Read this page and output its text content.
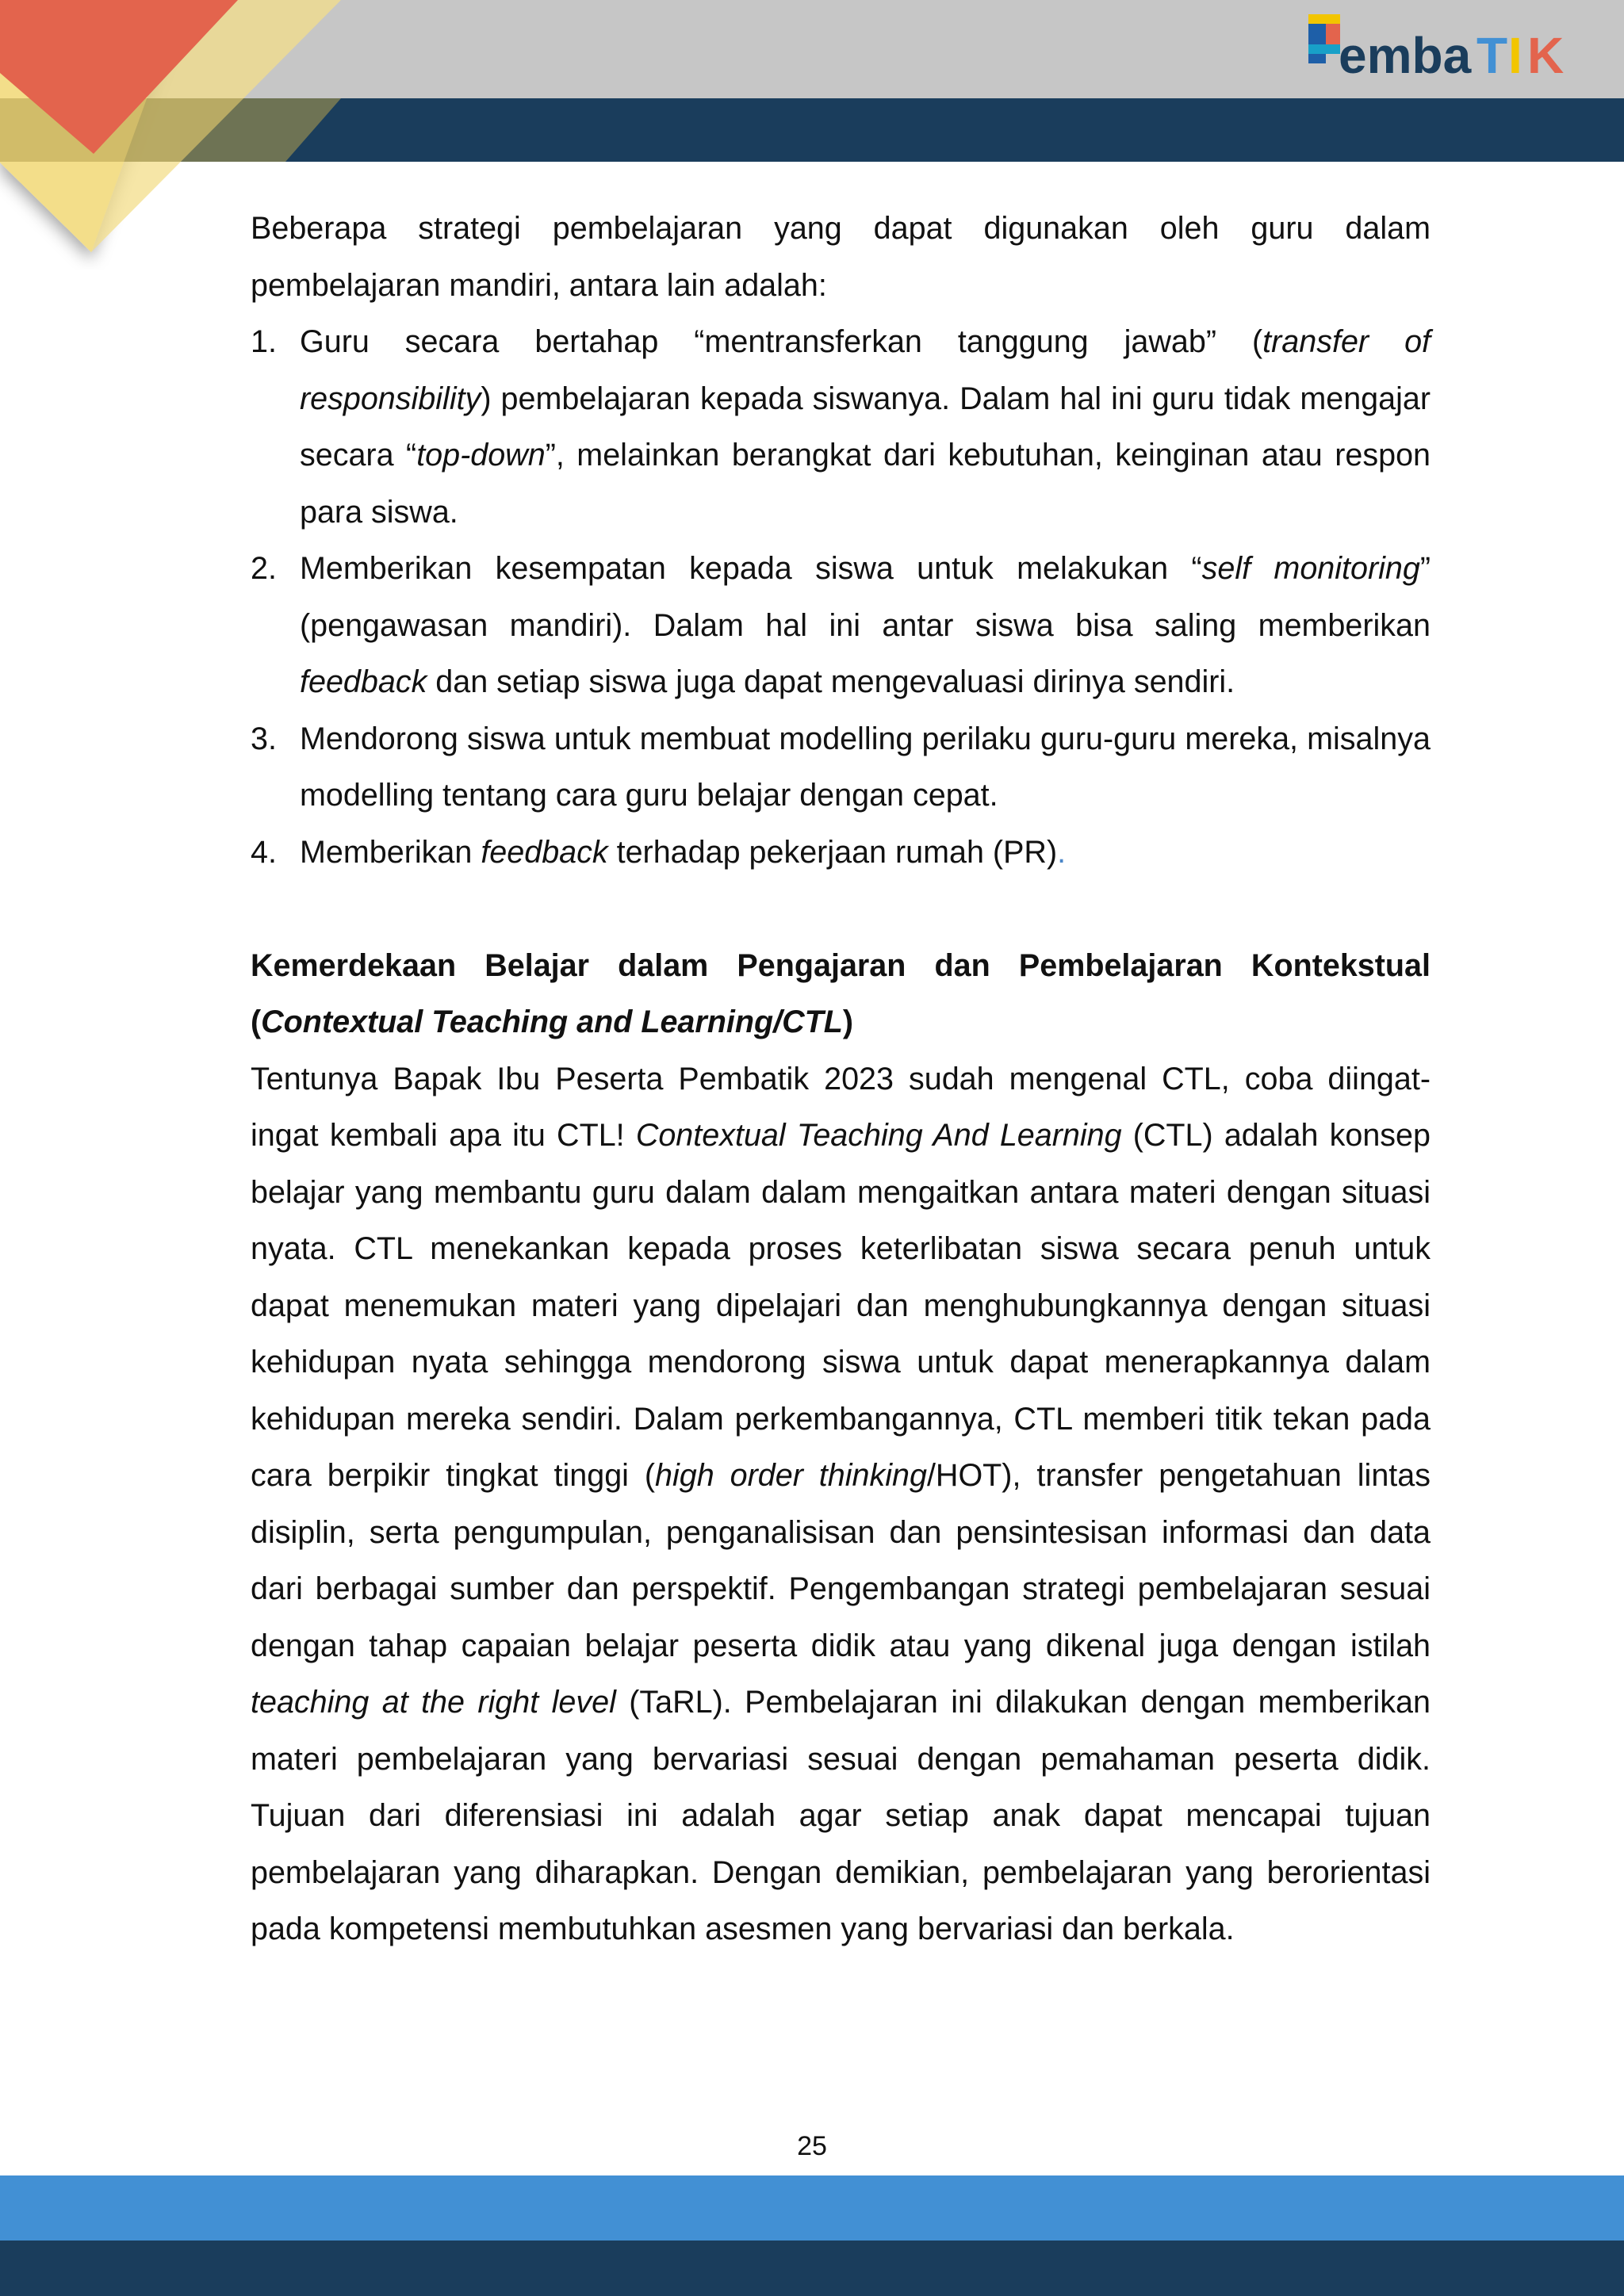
emba T I K

Beberapa strategi pembelajaran yang dapat digunakan oleh guru dalam pembelajaran mandiri, antara lain adalah:

1. Guru secara bertahap “mentransferkan tanggung jawab” (transfer of responsibility) pembelajaran kepada siswanya. Dalam hal ini guru tidak mengajar secara “top-down”, melainkan berangkat dari kebutuhan, keinginan atau respon para siswa.
2. Memberikan kesempatan kepada siswa untuk melakukan “self monitoring” (pengawasan mandiri). Dalam hal ini antar siswa bisa saling memberikan feedback dan setiap siswa juga dapat mengevaluasi dirinya sendiri.
3. Mendorong siswa untuk membuat modelling perilaku guru-guru mereka, misalnya modelling tentang cara guru belajar dengan cepat.
4. Memberikan feedback terhadap pekerjaan rumah (PR).

Kemerdekaan Belajar dalam Pengajaran dan Pembelajaran Kontekstual (Contextual Teaching and Learning/CTL)

Tentunya Bapak Ibu Peserta Pembatik 2023 sudah mengenal CTL, coba diingat-ingat kembali apa itu CTL! Contextual Teaching And Learning (CTL) adalah konsep belajar yang membantu guru dalam dalam mengaitkan antara materi dengan situasi nyata. CTL menekankan kepada proses keterlibatan siswa secara penuh untuk dapat menemukan materi yang dipelajari dan menghubungkannya dengan situasi kehidupan nyata sehingga mendorong siswa untuk dapat menerapkannya dalam kehidupan mereka sendiri. Dalam perkembangannya, CTL memberi titik tekan pada cara berpikir tingkat tinggi (high order thinking/HOT), transfer pengetahuan lintas disiplin, serta pengumpulan, penganalisisan dan pensintesisan informasi dan data dari berbagai sumber dan perspektif. Pengembangan strategi pembelajaran sesuai dengan tahap capaian belajar peserta didik atau yang dikenal juga dengan istilah teaching at the right level (TaRL). Pembelajaran ini dilakukan dengan memberikan materi pembelajaran yang bervariasi sesuai dengan pemahaman peserta didik. Tujuan dari diferensiasi ini adalah agar setiap anak dapat mencapai tujuan pembelajaran yang diharapkan. Dengan demikian, pembelajaran yang berorientasi pada kompetensi membutuhkan asesmen yang bervariasi dan berkala.

25
